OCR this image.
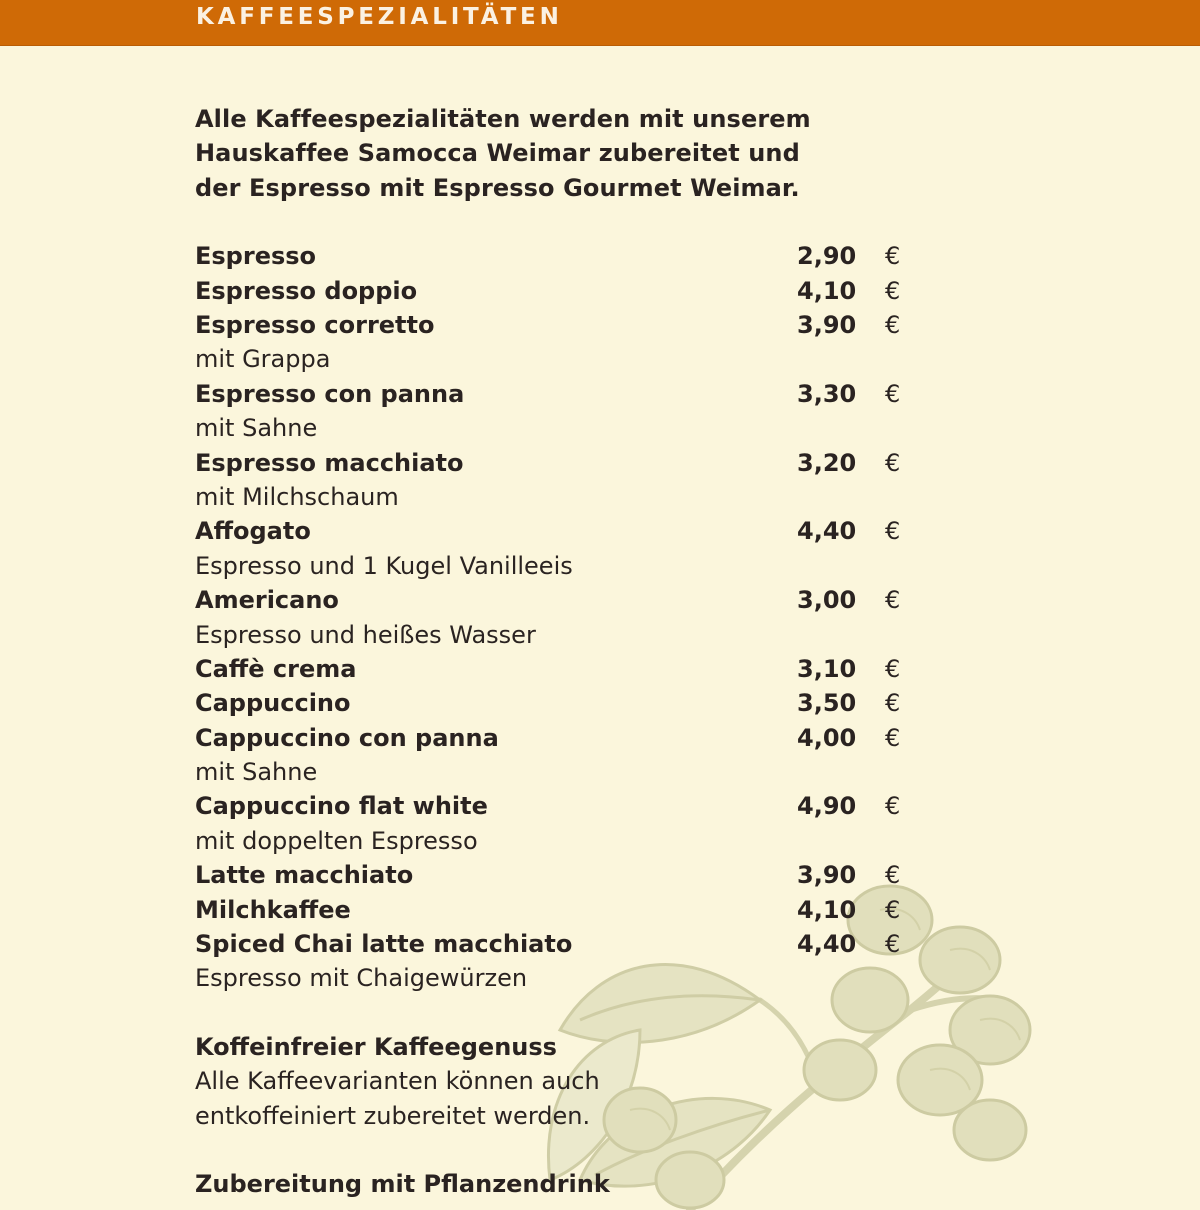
KAFFEESPEZIALITÄTEN
Alle Kaffeespezialitäten werden mit unserem
Hauskaffee Samocca Weimar zubereitet und
der Espresso mit Espresso Gourmet Weimar.
Espresso	2,90 €
Espresso doppio	4,10 €
Espresso corretto	3,90 €
mit Grappa
Espresso con panna	3,30 €
mit Sahne
Espresso macchiato	3,20 €
mit Milchschaum
Affogato	4,40 €
Espresso und 1 Kugel Vanilleeis
Americano	3,00 €
Espresso und heißes Wasser
Caffè crema	3,10 €
Cappuccino	3,50 €
Cappuccino con panna	4,00 €
mit Sahne
Cappuccino flat white	4,90 €
mit doppelten Espresso
Latte macchiato	3,90 €
Milchkaffee	4,10 €
Spiced Chai latte macchiato	4,40 €
Espresso mit Chaigewürzen
Koffeinfreier Kaffeegenuss
Alle Kaffeevarianten können auch
entkoffeiniert zubereitet werden.
Zubereitung mit Pflanzendrink
